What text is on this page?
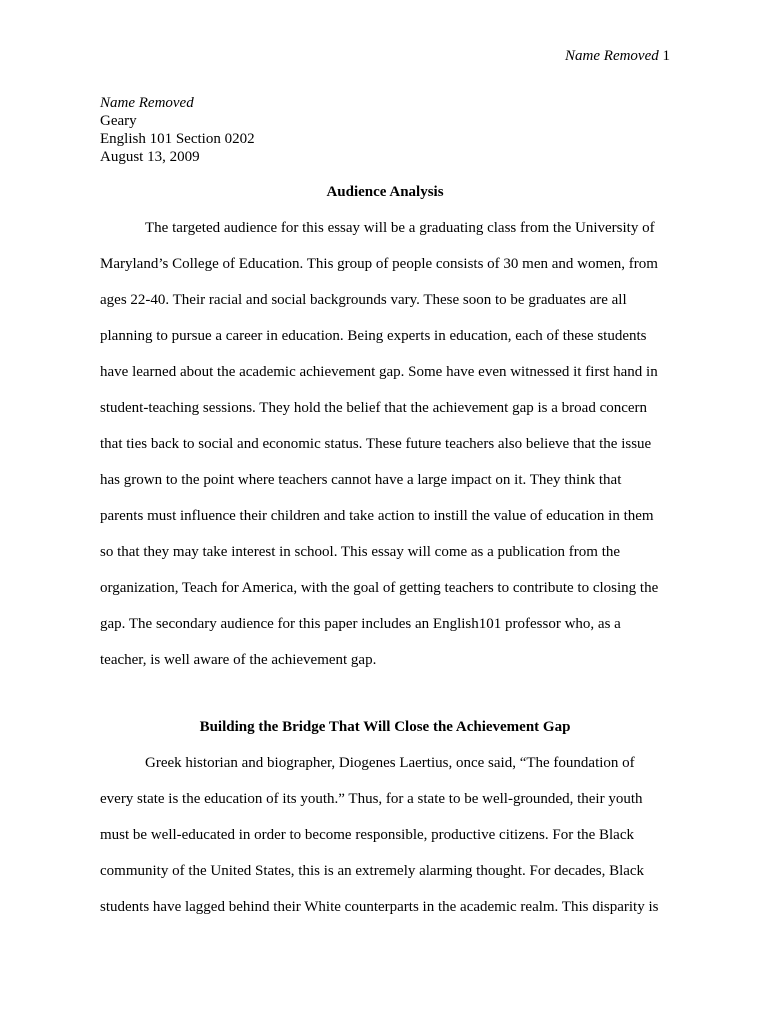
Name Removed 1
Name Removed
Geary
English 101 Section 0202
August 13, 2009
Audience Analysis
The targeted audience for this essay will be a graduating class from the University of
Maryland’s College of Education. This group of people consists of 30 men and women, from
ages 22-40. Their racial and social backgrounds vary. These soon to be graduates are all
planning to pursue a career in education. Being experts in education, each of these students
have learned about the academic achievement gap. Some have even witnessed it first hand in
student-teaching sessions. They hold the belief that the achievement gap is a broad concern
that ties back to social and economic status. These future teachers also believe that the issue
has grown to the point where teachers cannot have a large impact on it. They think that
parents must influence their children and take action to instill the value of education in them
so that they may take interest in school. This essay will come as a publication from the
organization, Teach for America, with the goal of getting teachers to contribute to closing the
gap. The secondary audience for this paper includes an English101 professor who, as a
teacher, is well aware of the achievement gap.
Building the Bridge That Will Close the Achievement Gap
Greek historian and biographer, Diogenes Laertius, once said, “The foundation of
every state is the education of its youth.” Thus, for a state to be well-grounded, their youth
must be well-educated in order to become responsible, productive citizens. For the Black
community of the United States, this is an extremely alarming thought. For decades, Black
students have lagged behind their White counterparts in the academic realm. This disparity is
